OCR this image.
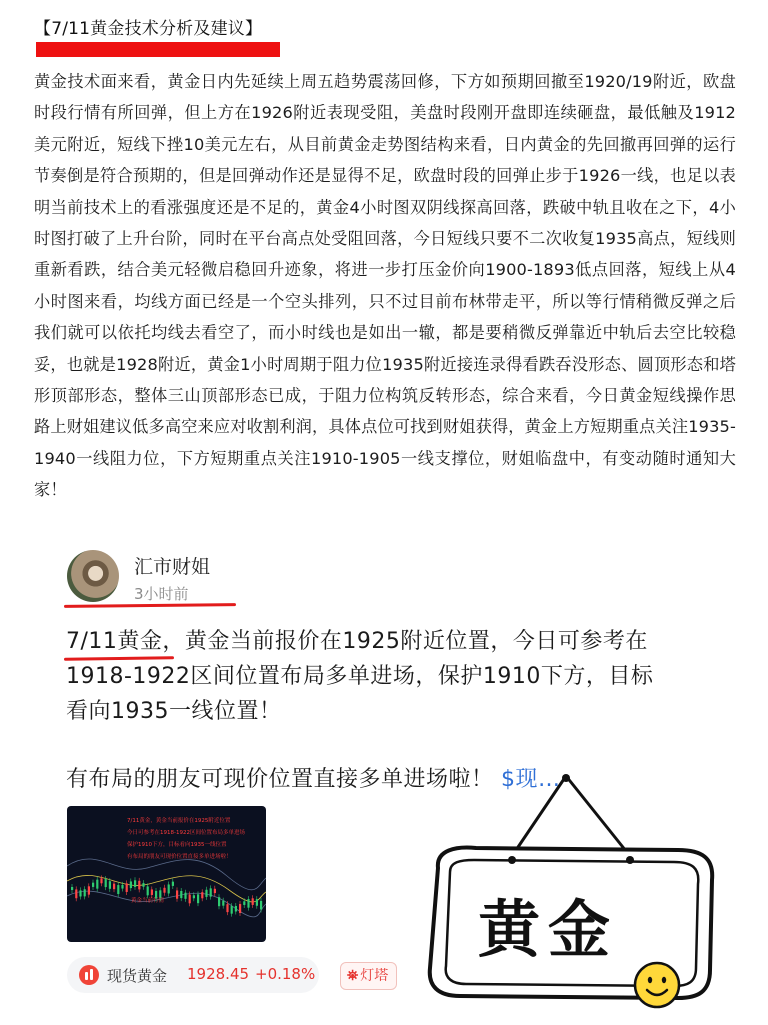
【7/11黄金技术分析及建议】
黄金技术面来看，黄金日内先延续上周五趋势震荡回修，下方如预期回撤至1920/19附近，欧盘时段行情有所回弹，但上方在1926附近表现受阻，美盘时段刚开盘即连续砸盘，最低触及1912美元附近，短线下挫10美元左右，从目前黄金走势图结构来看，日内黄金的先回撤再回弹的运行节奏倒是符合预期的，但是回弹动作还是显得不足，欧盘时段的回弹止步于1926一线，也足以表明当前技术上的看涨强度还是不足的，黄金4小时图双阴线探高回落，跌破中轨且收在之下，4小时图打破了上升台阶，同时在平台高点处受阻回落，今日短线只要不二次收复1935高点，短线则重新看跌，结合美元轻微启稳回升迹象，将进一步打压金价向1900-1893低点回落，短线上从4小时图来看，均线方面已经是一个空头排列，只不过目前布林带走平，所以等行情稍微反弹之后我们就可以依托均线去看空了，而小时线也是如出一辙，都是要稍微反弹靠近中轨后去空比较稳妥，也就是1928附近，黄金1小时周期于阻力位1935附近接连录得看跌吞没形态、圆顶形态和塔形顶部形态，整体三山顶部形态已成，于阻力位构筑反转形态，综合来看，今日黄金短线操作思路上财姐建议低多高空来应对收割利润，具体点位可找到财姐获得，黄金上方短期重点关注1935-1940一线阻力位，下方短期重点关注1910-1905一线支撑位，财姐临盘中，有变动随时通知大家！
汇市财姐
3小时前
7/11黄金，黄金当前报价在1925附近位置，今日可参考在1918-1922区间位置布局多单进场，保护1910下方，目标看向1935一线位置！
有布局的朋友可现价位置直接多单进场啦！ $现…
7/11黄金，黄金当前报价在1925附近位置
今日可参考在1918-1922区间位置布局多单进场
保护1910下方，目标看向1935一线位置
有布局的朋友可现价位置直接多单进场啦！
黄金当前行情
现货黄金 1928.45 +0.18%	⛯ 灯塔
黄金
